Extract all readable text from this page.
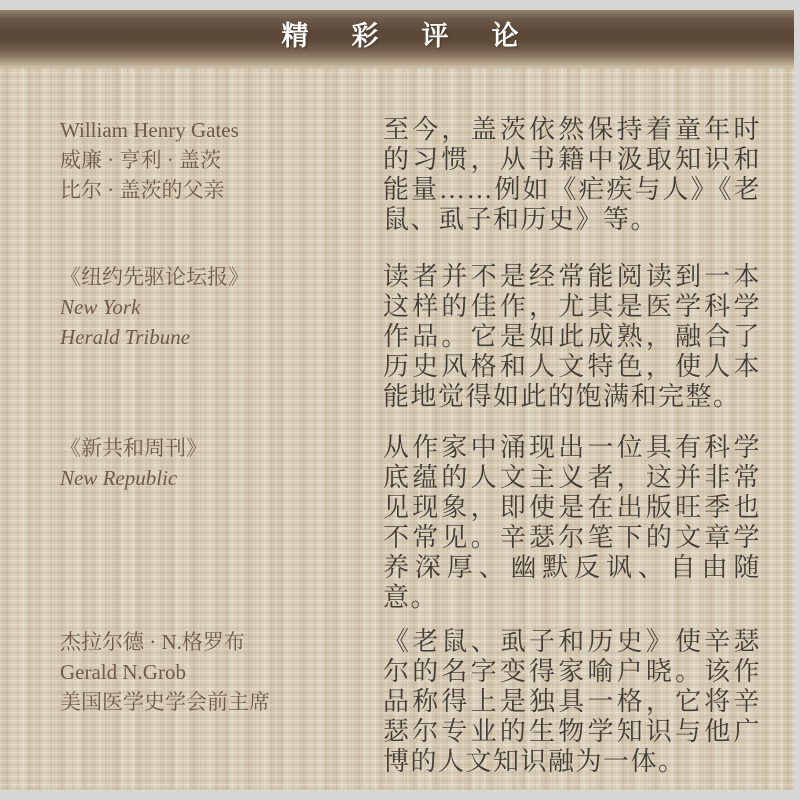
精彩评论
William Henry Gates
威廉 · 亨利 · 盖茨
比尔 · 盖茨的父亲
至今，盖茨依然保持着童年时的习惯，从书籍中汲取知识和能量……例如《疟疾与人》《老鼠、虱子和历史》等。
《纽约先驱论坛报》
New York
Herald Tribune
读者并不是经常能阅读到一本这样的佳作，尤其是医学科学作品。它是如此成熟，融合了历史风格和人文特色，使人本能地觉得如此的饱满和完整。
《新共和周刊》
New Republic
从作家中涌现出一位具有科学底蕴的人文主义者，这并非常见现象，即使是在出版旺季也不常见。辛瑟尔笔下的文章学养深厚、幽默反讽、自由随意。
杰拉尔德 · N.格罗布
Gerald N.Grob
美国医学史学会前主席
《老鼠、虱子和历史》使辛瑟尔的名字变得家喻户晓。该作品称得上是独具一格，它将辛瑟尔专业的生物学知识与他广博的人文知识融为一体。
